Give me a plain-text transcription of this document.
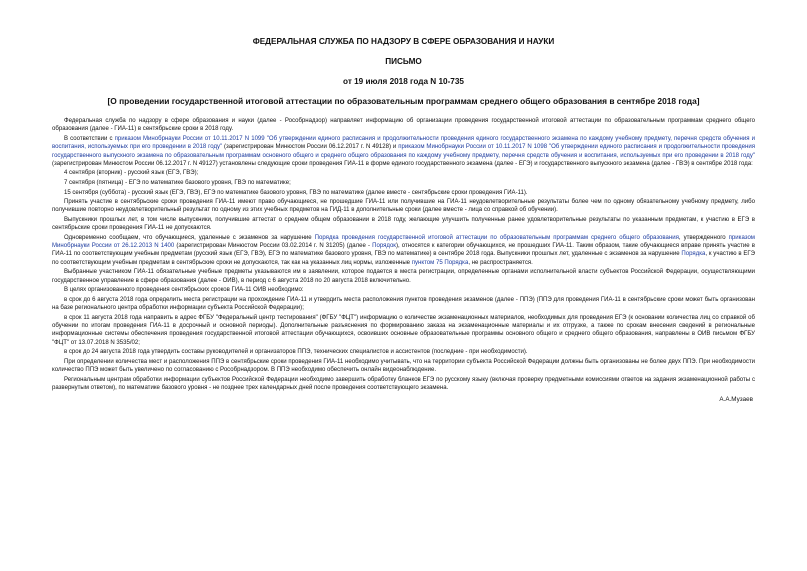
ФЕДЕРАЛЬНАЯ СЛУЖБА ПО НАДЗОРУ В СФЕРЕ ОБРАЗОВАНИЯ И НАУКИ

ПИСЬМО

от 19 июля 2018 года N 10-735

[О проведении государственной итоговой аттестации по образовательным программам среднего общего образования в сентябре 2018 года]

Федеральная служба по надзору в сфере образования и науки (далее - Рособрнадзор) направляет информацию об организации проведения государственной итоговой аттестации по образовательным программам среднего общего образования (далее - ГИА-11) в сентябрьские сроки в 2018 году.

В соответствии с приказом Минобрнауки России от 10.11.2017 N 1099 "Об утверждении единого расписания и продолжительности проведения единого государственного экзамена по каждому учебному предмету, перечня средств обучения и воспитания, используемых при его проведении в 2018 году" (зарегистрирован Минюстом России 06.12.2017 г. N 49128) и приказом Минобрнауки России от 10.11.2017 N 1098 "Об утверждении единого расписания и продолжительности проведения государственного выпускного экзамена по образовательным программам основного общего и среднего общего образования по каждому учебному предмету, перечня средств обучения и воспитания, используемых при его проведении в 2018 году" (зарегистрирован Минюстом России 06.12.2017 г. N 49127) установлены следующие сроки проведения ГИА-11 в форме единого государственного экзамена (далее - ЕГЭ) и государственного выпускного экзамена (далее - ГВЭ) в сентябре 2018 года:

4 сентября (вторник) - русский язык (ЕГЭ, ГВЭ);

7 сентября (пятница) - ЕГЭ по математике базового уровня, ГВЭ по математике;

15 сентября (суббота) - русский язык (ЕГЭ, ГВЭ), ЕГЭ по математике базового уровня, ГВЭ по математике (далее вместе - сентябрьские сроки проведения ГИА-11).

Принять участие в сентябрьские сроки проведения ГИА-11 имеют право обучающиеся, не прошедшие ГИА-11 или получившие на ГИА-11 неудовлетворительные результаты более чем по одному обязательному учебному предмету, либо получившие повторно неудовлетворительный результат по одному из этих учебных предметов на ГИД-11 в дополнительные сроки (далее вместе - лица со справкой об обучении).

Выпускники прошлых лет, в том числе выпускники, получившие аттестат о среднем общем образовании в 2018 году, желающие улучшить полученные ранее удовлетворительные результаты по указанным предметам, к участию в ЕГЭ в сентябрьские сроки проведения ГИА-11 не допускаются.

Одновременно сообщаем, что обучающиеся, удаленные с экзаменов за нарушение Порядка проведения государственной итоговой аттестации по образовательным программам среднего общего образования, утвержденного приказом Минобрнауки России от 26.12.2013 N 1400 (зарегистрирован Минюстом России 03.02.2014 г. N 31205) (далее - Порядок), относятся к категории обучающихся, не прошедших ГИА-11. Таким образом, такие обучающиеся вправе принять участие в ГИА-11 по соответствующим учебным предметам (русский язык (ЕГЭ, ГВЭ), ЕГЭ по математике базового уровня, ГВЭ по математике) в сентябре 2018 года. Выпускники прошлых лет, удаленные с экзаменов за нарушение Порядка, к участию в ЕГЭ по соответствующим учебным предметам в сентябрьские сроки не допускаются, так как на указанных лиц нормы, изложенные пунктом 75 Порядка, не распространяется.

Выбранные участником ГИА-11 обязательные учебные предметы указываются им в заявлении, которое подается в места регистрации, определенные органами исполнительной власти субъектов Российской Федерации, осуществляющими государственное управление в сфере образования (далее - ОИВ), в период с 6 августа 2018 по 20 августа 2018 включительно.

В целях организованного проведения сентябрьских сроков ГИА-11 ОИВ необходимо:

в срок до 6 августа 2018 года определить места регистрации на прохождение ГИА-11 и утвердить места расположения пунктов проведения экзаменов (далее - ППЭ) (ППЭ для проведения ГИА-11 в сентябрьские сроки может быть организован на базе регионального центра обработки информации субъекта Российской Федерации);

в срок 11 августа 2018 года направить в адрес ФГБУ "Федеральный центр тестирования" (ФГБУ "ФЦТ") информацию о количестве экзаменационных материалов, необходимых для проведения ЕГЭ (к основании количества лиц со справкой об обучении по итогам проведения ГИА-11 в досрочный и основной периоды). Дополнительные разъяснения по формированию заказа на экзаменационные материалы и их отгрузке, а также по срокам внесения сведений в региональные информационные системы обеспечения проведения государственной итоговой аттестации обучающихся, освоивших основные образовательные программы основного общего и среднего общего образования, направлены в ОИВ письмом ФГБУ "ФЦТ" от 13.07.2018 N 3535/02;

в срок до 24 августа 2018 года утвердить составы руководителей и организаторов ППЭ, технических специалистов и ассистентов (последние - при необходимости).

При определении количества мест и расположения ППЭ в сентябрьские сроки проведения ГИА-11 необходимо учитывать, что на территории субъекта Российской Федерации должны быть организованы не более двух ППЭ. При необходимости количество ППЭ может быть увеличено по согласованию с Рособрнадзором. В ППЭ необходимо обеспечить онлайн видеонаблюдение.

Региональным центрам обработки информации субъектов Российской Федерации необходимо завершить обработку бланков ЕГЭ по русскому языку (включая проверку предметными комиссиями ответов на задания экзаменационной работы с развернутым ответом), по математике базового уровня - не позднее трех календарных дней после проведения соответствующего экзамена.

А.А.Музаев
